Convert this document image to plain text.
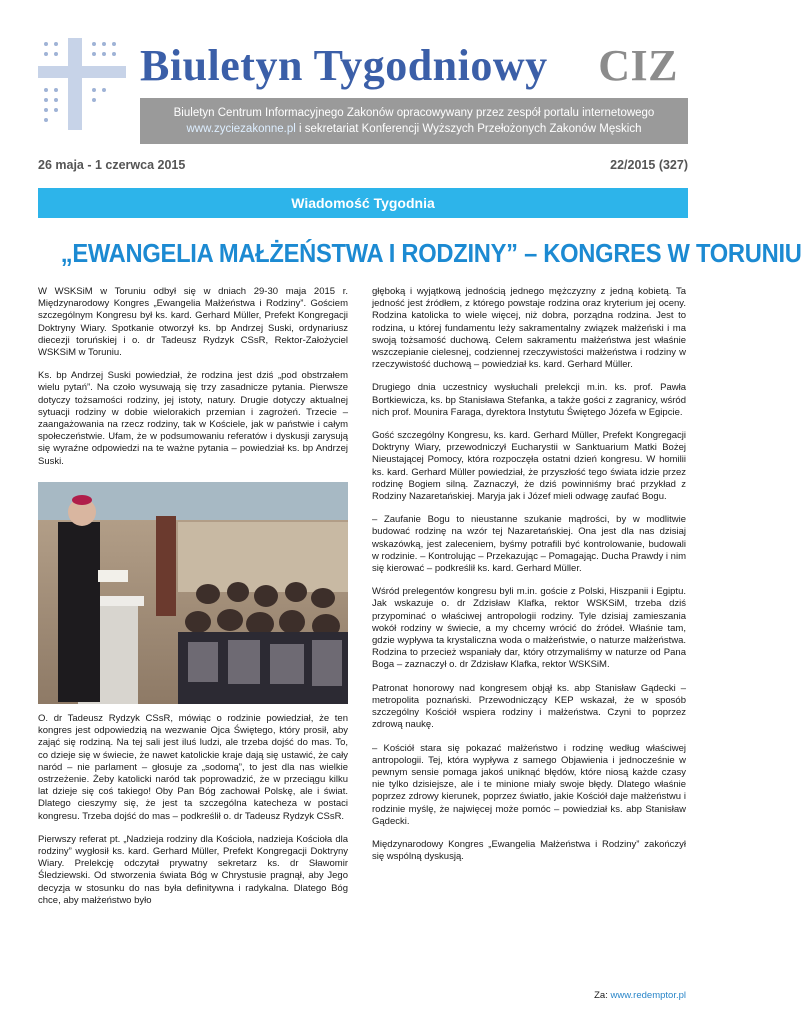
Biuletyn Tygodniowy CIZ
Biuletyn Centrum Informacyjnego Zakonów opracowywany przez zespół portalu internetowego
www.zyciezakonne.pl i sekretariat Konferencji Wyższych Przełożonych Zakonów Męskich
26 maja - 1 czerwca 2015	22/2015 (327)
Wiadomość Tygodnia
„EWANGELIA MAŁŻEŃSTWA I RODZINY” – KONGRES W TORUNIU

W WSKSiM w Toruniu odbył się w dniach 29-30 maja 2015 r. Międzynarodowy Kongres „Ewangelia Małżeństwa i Rodziny”. Gościem szczególnym Kongresu był ks. kard. Gerhard Müller, Prefekt Kongregacji Doktryny Wiary. Spotkanie otworzył ks. bp Andrzej Suski, ordynariusz diecezji toruńskiej i o. dr Tadeusz Rydzyk CSsR, Rektor-Założyciel WSKSiM w Toruniu.

Ks. bp Andrzej Suski powiedział, że rodzina jest dziś „pod obstrzałem wielu pytań”. Na czoło wysuwają się trzy zasadnicze pytania. Pierwsze dotyczy tożsamości rodziny, jej istoty, natury. Drugie dotyczy aktualnej sytuacji rodziny w dobie wielorakich przemian i zagrożeń. Trzecie – zaangażowania na rzecz rodziny, tak w Kościele, jak w państwie i całym społeczeństwie. Ufam, że w podsumowaniu referatów i dyskusji zarysują się wyraźne odpowiedzi na te ważne pytania – powiedział ks. bp Andrzej Suski.

O. dr Tadeusz Rydzyk CSsR, mówiąc o rodzinie powiedział, że ten kongres jest odpowiedzią na wezwanie Ojca Świętego, który prosił, aby zająć się rodziną. Na tej sali jest iluś ludzi, ale trzeba dojść do mas. To, co dzieje się w świecie, że nawet katolickie kraje dają się ustawić, że cały naród – nie parlament – głosuje za „sodomą”, to jest dla nas wielkie ostrzeżenie. Żeby katolicki naród tak poprowadzić, że w przeciągu kilku lat dzieje się coś takiego! Oby Pan Bóg zachował Polskę, ale i świat. Dlatego cieszymy się, że jest ta szczególna katecheza w postaci kongresu. Trzeba dojść do mas – podkreślił o. dr Tadeusz Rydzyk CSsR.

Pierwszy referat pt. „Nadzieja rodziny dla Kościoła, nadzieja Kościoła dla rodziny” wygłosił ks. kard. Gerhard Müller, Prefekt Kongregacji Doktryny Wiary. Prelekcję odczytał prywatny sekretarz ks. dr Sławomir Śledziewski. Od stworzenia świata Bóg w Chrystusie pragnął, aby Jego decyzja w stosunku do nas była definitywna i radykalna. Dlatego Bóg chce, aby małżeństwo było

głęboką i wyjątkową jednością jednego mężczyzny z jedną kobietą. Ta jedność jest źródłem, z którego powstaje rodzina oraz kryterium jej oceny. Rodzina katolicka to wiele więcej, niż dobra, porządna rodzina. Jest to rodzina, u której fundamentu leży sakramentalny związek małżeński i ma swoją tożsamość duchową. Celem sakramentu małżeństwa jest właśnie wszczepianie cielesnej, codziennej rzeczywistości małżeństwa i rodziny w rzeczywistość duchową – powiedział ks. kard. Gerhard Müller.

Drugiego dnia uczestnicy wysłuchali prelekcji m.in. ks. prof. Pawła Bortkiewicza, ks. bp Stanisława Stefanka, a także gości z zagranicy, wśród nich prof. Mounira Faraga, dyrektora Instytutu Świętego Józefa w Egipcie.

Gość szczególny Kongresu, ks. kard. Gerhard Müller, Prefekt Kongregacji Doktryny Wiary, przewodniczył Eucharystii w Sanktuarium Matki Bożej Nieustającej Pomocy, która rozpoczęła ostatni dzień kongresu. W homilii ks. kard. Gerhard Müller powiedział, że przyszłość tego świata idzie przez rodzinę Bogiem silną. Zaznaczył, że dziś powinniśmy brać przykład z Rodziny Nazaretańskiej. Maryja jak i Józef mieli odwagę zaufać Bogu.

– Zaufanie Bogu to nieustanne szukanie mądrości, by w modlitwie budować rodzinę na wzór tej Nazaretańskiej. Ona jest dla nas dzisiaj wskazówką, jest zaleceniem, byśmy potrafili być kontrolowanie, budowali w rodzinie. – Kontrolując – Przekazując – Pomagając. Ducha Prawdy i nim się kierować – podkreślił ks. kard. Gerhard Müller.

Wśród prelegentów kongresu byli m.in. goście z Polski, Hiszpanii i Egiptu. Jak wskazuje o. dr Zdzisław Klafka, rektor WSKSiM, trzeba dziś przypominać o właściwej antropologii rodziny. Tyle dzisiaj zamieszania wokół rodziny w świecie, a my chcemy wrócić do źródeł. Właśnie tam, gdzie wypływa ta krystaliczna woda o małżeństwie, o naturze małżeństwa. Rodzina to przecież wspaniały dar, który otrzymaliśmy w naturze od Pana Boga – zaznaczył o. dr Zdzisław Klafka, rektor WSKSiM.

Patronat honorowy nad kongresem objął ks. abp Stanisław Gądecki – metropolita poznański. Przewodniczący KEP wskazał, że w sposób szczególny Kościół wspiera rodziny i małżeństwa. Czyni to poprzez zdrową naukę.

– Kościół stara się pokazać małżeństwo i rodzinę według właściwej antropologii. Tej, która wypływa z samego Objawienia i jednocześnie w pewnym sensie pomaga jakoś uniknąć błędów, które niosą każde czasy nie tylko dzisiejsze, ale i te minione miały swoje błędy. Dlatego właśnie poprzez zdrowy kierunek, poprzez światło, jakie Kościół daje małżeństwu i rodzinie myślę, że najwięcej może pomóc – powiedział ks. abp Stanisław Gądecki.

Międzynarodowy Kongres „Ewangelia Małżeństwa i Rodziny” zakończył się wspólną dyskusją.

Za: www.redemptor.pl
